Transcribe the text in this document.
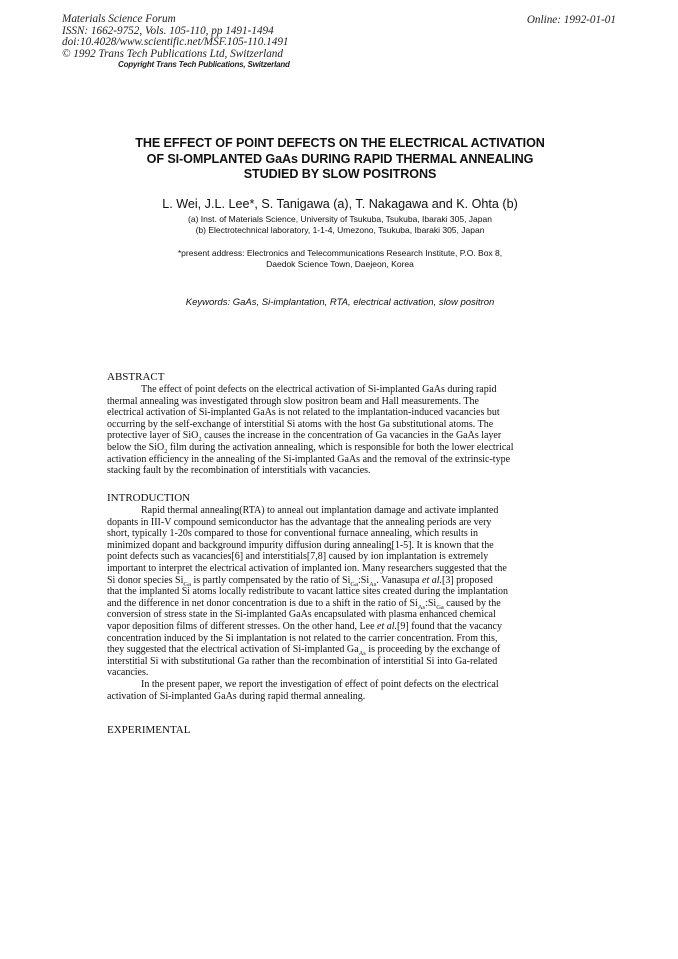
Materials Science Forum
ISSN: 1662-9752, Vols. 105-110, pp 1491-1494
doi:10.4028/www.scientific.net/MSF.105-110.1491
© 1992 Trans Tech Publications Ltd, Switzerland
Copyright Trans Tech Publications, Switzerland
Online: 1992-01-01
THE EFFECT OF POINT DEFECTS ON THE ELECTRICAL ACTIVATION
OF SI-OMPLANTED GaAs DURING RAPID THERMAL ANNEALING
STUDIED BY SLOW POSITRONS
L. Wei, J.L. Lee*, S. Tanigawa (a), T. Nakagawa and K. Ohta (b)
(a) Inst. of Materials Science, University of Tsukuba, Tsukuba, Ibaraki 305, Japan
(b) Electrotechnical laboratory, 1-1-4, Umezono, Tsukuba, Ibaraki 305, Japan
*present address: Electronics and Telecommunications Research Institute, P.O. Box 8,
Daedok Science Town, Daejeon, Korea
Keywords: GaAs, Si-implantation, RTA, electrical activation, slow positron
ABSTRACT
The effect of point defects on the electrical activation of Si-implanted GaAs during rapid
thermal annealing was investigated through slow positron beam and Hall measurements. The
electrical activation of Si-implanted GaAs is not related to the implantation-induced vacancies but
occurring by the self-exchange of interstitial Si atoms with the host Ga substitutional atoms. The
protective layer of SiO$_2$ causes the increase in the concentration of Ga vacancies in the GaAs layer
below the SiO$_2$ film during the activation annealing, which is responsible for both the lower electrical
activation efficiency in the annealing of the Si-implanted GaAs and the removal of the extrinsic-type
stacking fault by the recombination of interstitials with vacancies.
INTRODUCTION
Rapid thermal annealing(RTA) to anneal out implantation damage and activate implanted
dopants in III-V compound semiconductor has the advantage that the annealing periods are very
short, typically 1-20s compared to those for conventional furnace annealing, which results in
minimized dopant and background impurity diffusion during annealing[1-5]. It is known that the
point defects such as vacancies[6] and interstitials[7,8] caused by ion implantation is extremely
important to interpret the electrical activation of implanted ion. Many researchers suggested that the
Si donor species $Si_{Ga}$ is partly compensated by the ratio of $Si_{Ga}:Si_{As}$. Vanasupa et al.[3] proposed
that the implanted Si atoms locally redistribute to vacant lattice sites created during the implantation
and the difference in net donor concentration is due to a shift in the ratio of $Si_{As}:Si_{Ga}$ caused by the
conversion of stress state in the Si-implanted GaAs encapsulated with plasma enhanced chemical
vapor deposition films of different stresses. On the other hand, Lee et al.[9] found that the vacancy
concentration induced by the Si implantation is not related to the carrier concentration. From this,
they suggested that the electrical activation of Si-implanted $Ga_{As}$ is proceeding by the exchange of
interstitial Si with substitutional Ga rather than the recombination of interstitial Si into Ga-related
vacancies.
In the present paper, we report the investigation of effect of point defects on the electrical
activation of Si-implanted GaAs during rapid thermal annealing.
EXPERIMENTAL
